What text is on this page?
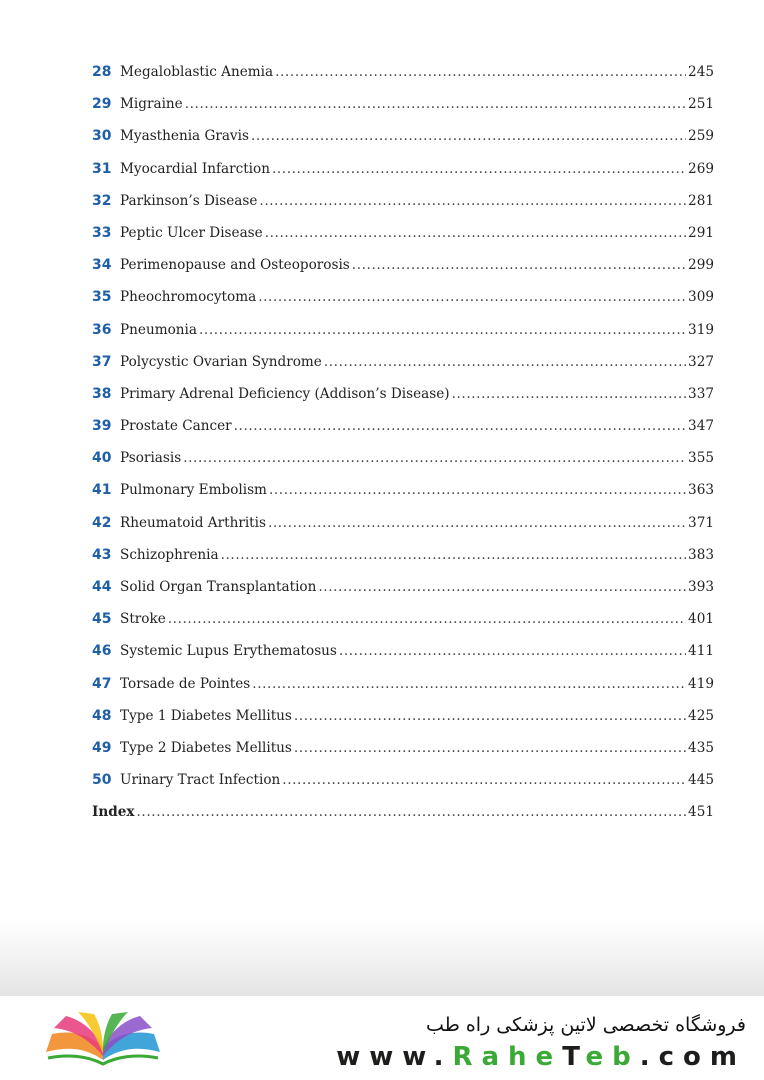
28 Megaloblastic Anemia .....	245
29 Migraine .....	251
30 Myasthenia Gravis .....	259
31 Myocardial Infarction .....	269
32 Parkinson’s Disease .....	281
33 Peptic Ulcer Disease .....	291
34 Perimenopause and Osteoporosis .....	299
35 Pheochromocytoma .....	309
36 Pneumonia .....	319
37 Polycystic Ovarian Syndrome .....	327
38 Primary Adrenal Deficiency (Addison’s Disease) .....	337
39 Prostate Cancer .....	347
40 Psoriasis .....	355
41 Pulmonary Embolism .....	363
42 Rheumatoid Arthritis .....	371
43 Schizophrenia .....	383
44 Solid Organ Transplantation .....	393
45 Stroke .....	401
46 Systemic Lupus Erythematosus .....	411
47 Torsade de Pointes .....	419
48 Type 1 Diabetes Mellitus .....	425
49 Type 2 Diabetes Mellitus .....	435
50 Urinary Tract Infection .....	445
Index .....	451
فروشگاه تخصصی لاتین پزشکی راه طب
www.RaheTeb.com
